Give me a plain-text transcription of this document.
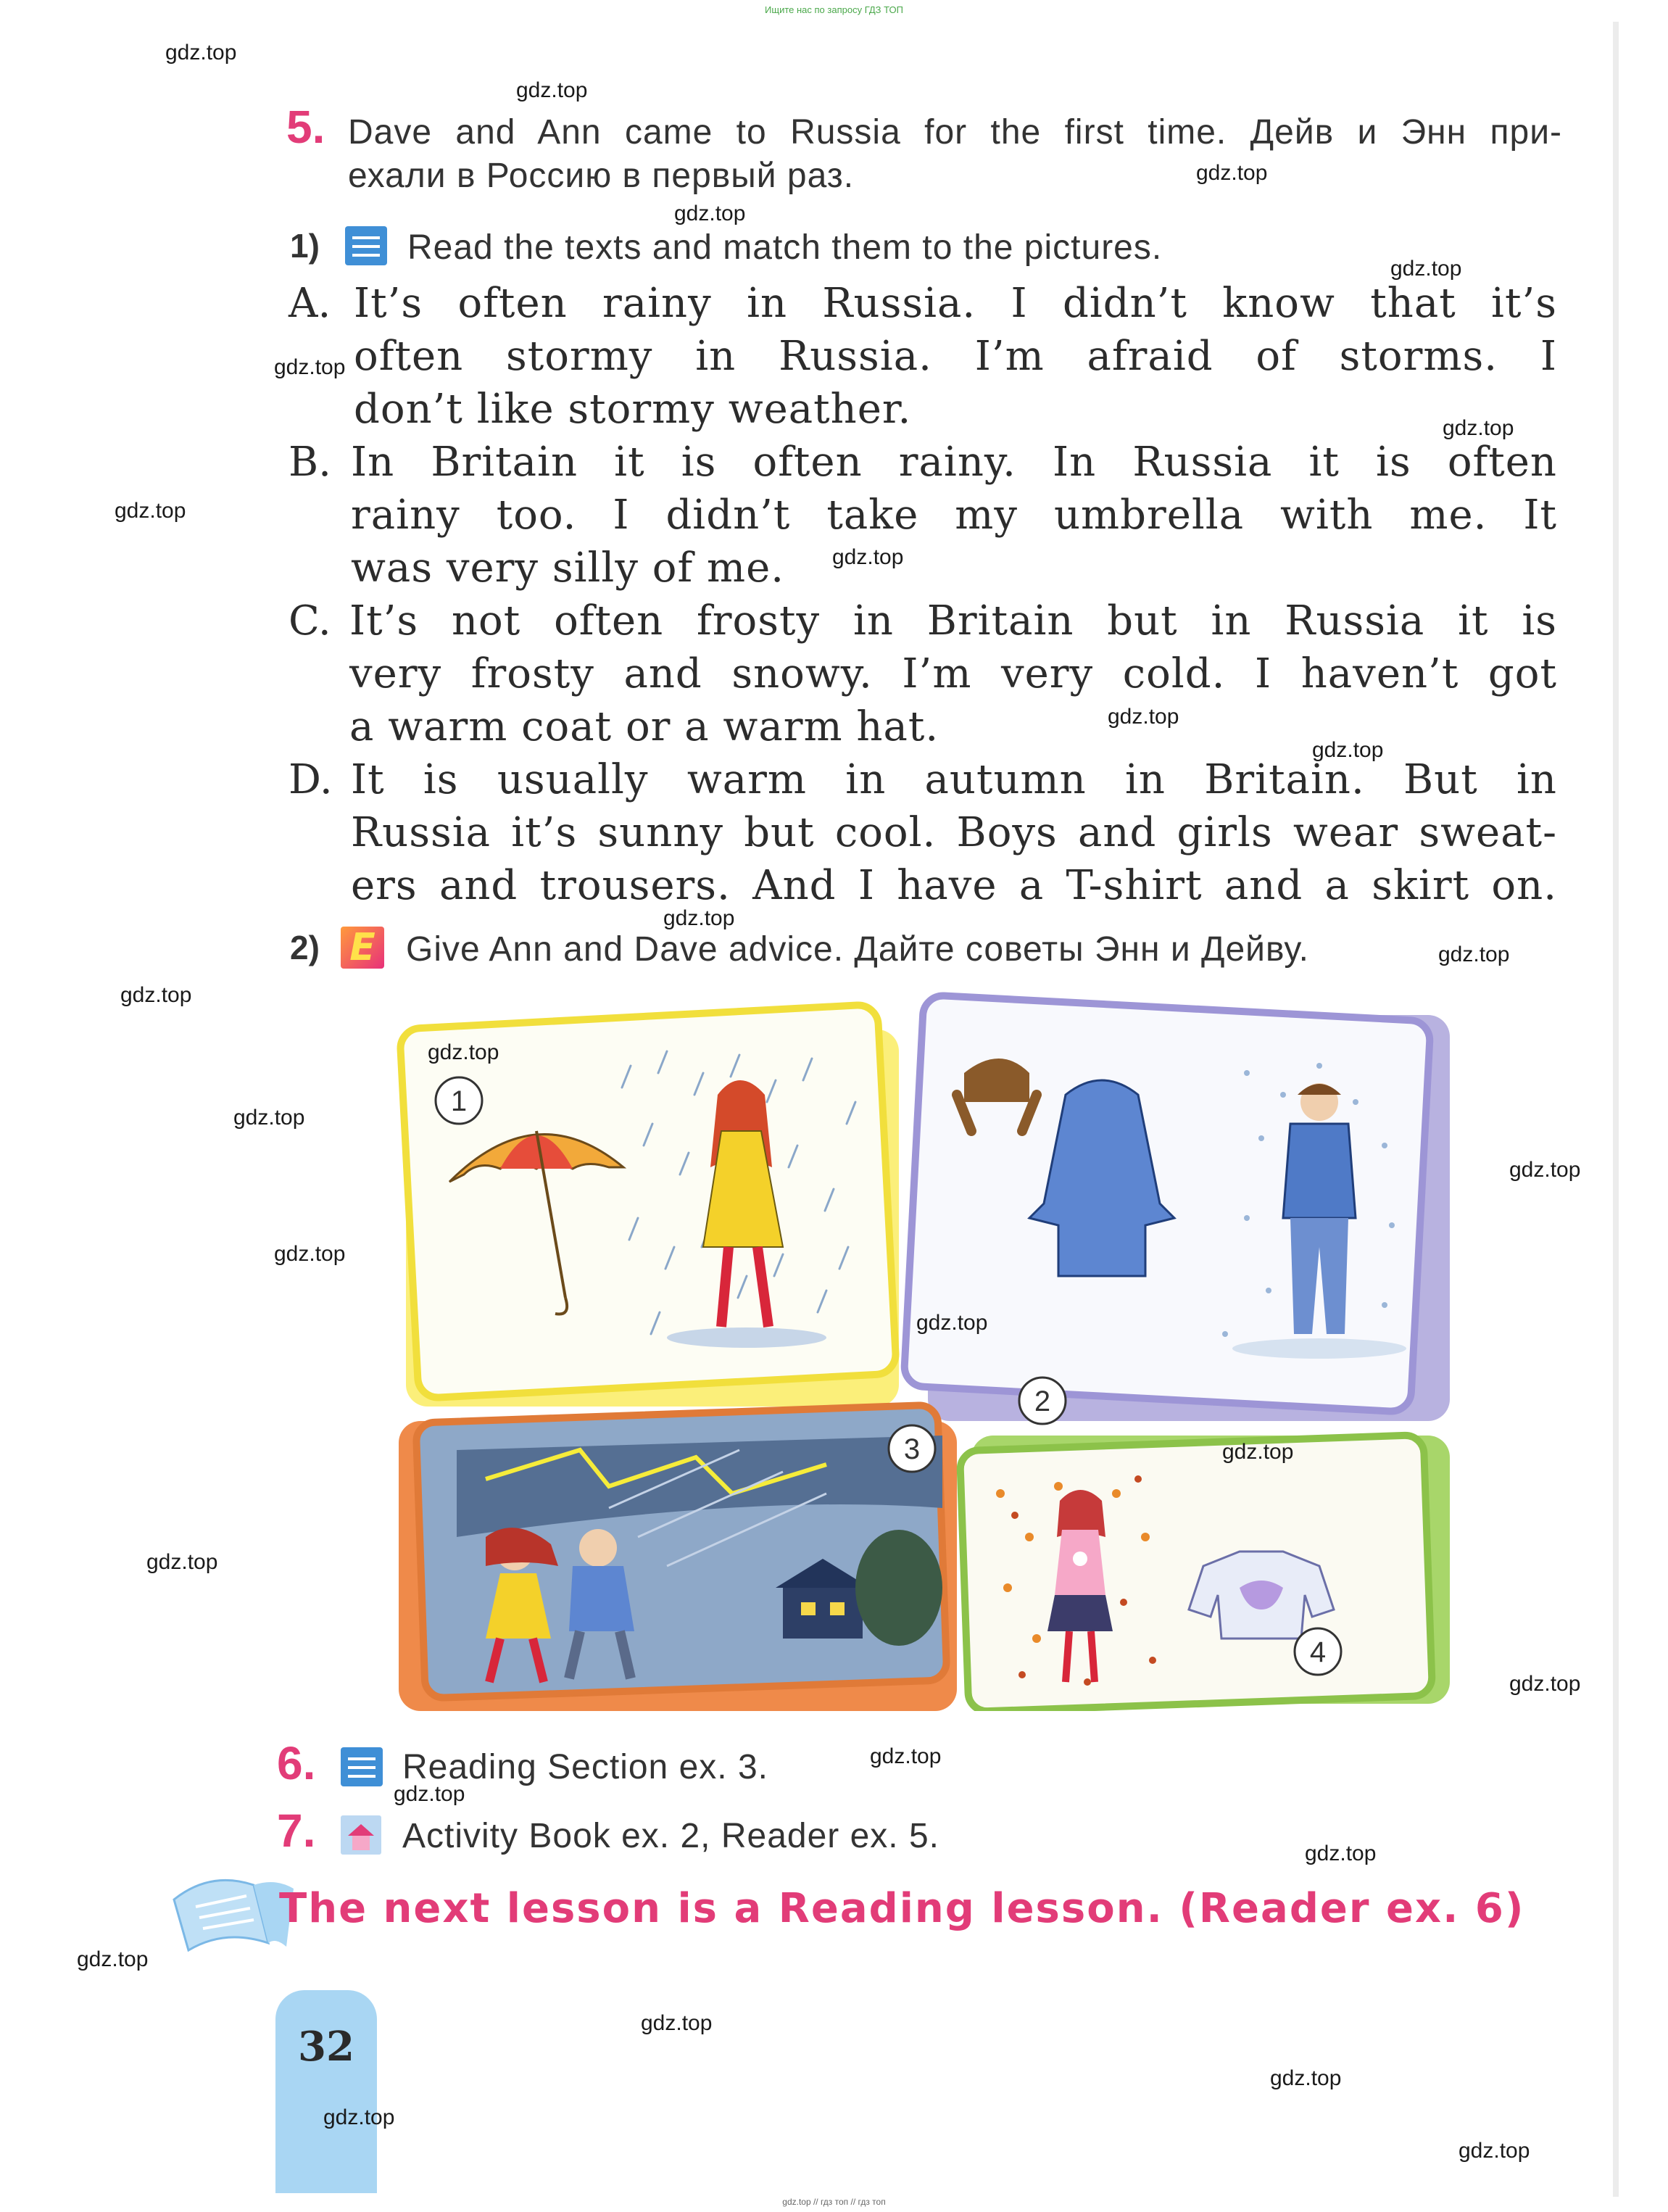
Ищите нас по запросу ГДЗ ТОП
5. Dave and Ann came to Russia for the first time. Дейв и Энн при-
ехали в Россию в первый раз.
1)	Read the texts and match them to the pictures.
A. It’s often rainy in Russia. I didn’t know that it’s
often stormy in Russia. I’m afraid of storms. I
don’t like stormy weather.
B. In Britain it is often rainy. In Russia it is often
rainy too. I didn’t take my umbrella with me. It
was very silly of me.
C. It’s not often frosty in Britain but in Russia it is
very frosty and snowy. I’m very cold. I haven’t got
a warm coat or a warm hat.
D. It is usually warm in autumn in Britain. But in
Russia it’s sunny but cool. Boys and girls wear sweat-
ers and trousers. And I have a T-shirt and a skirt on.
2) E Give Ann and Dave advice. Дайте советы Энн и Дейву.
1
2
3
4
6. Reading Section ex. 3.
7. Activity Book ex. 2, Reader ex. 5.
The next lesson is a Reading lesson. (Reader ex. 6)
32
gdz.top
gdz.top
gdz.top
gdz.top
gdz.top
gdz.top
gdz.top
gdz.top
gdz.top
gdz.top
gdz.top
gdz.top
gdz.top
gdz.top
gdz.top
gdz.top
gdz.top
gdz.top
gdz.top
gdz.top
gdz.top
gdz.top
gdz.top
gdz.top
gdz.top
gdz.top
gdz.top
gdz.top
gdz.top
gdz.top
gdz.top // гдз топ // гдз топ
